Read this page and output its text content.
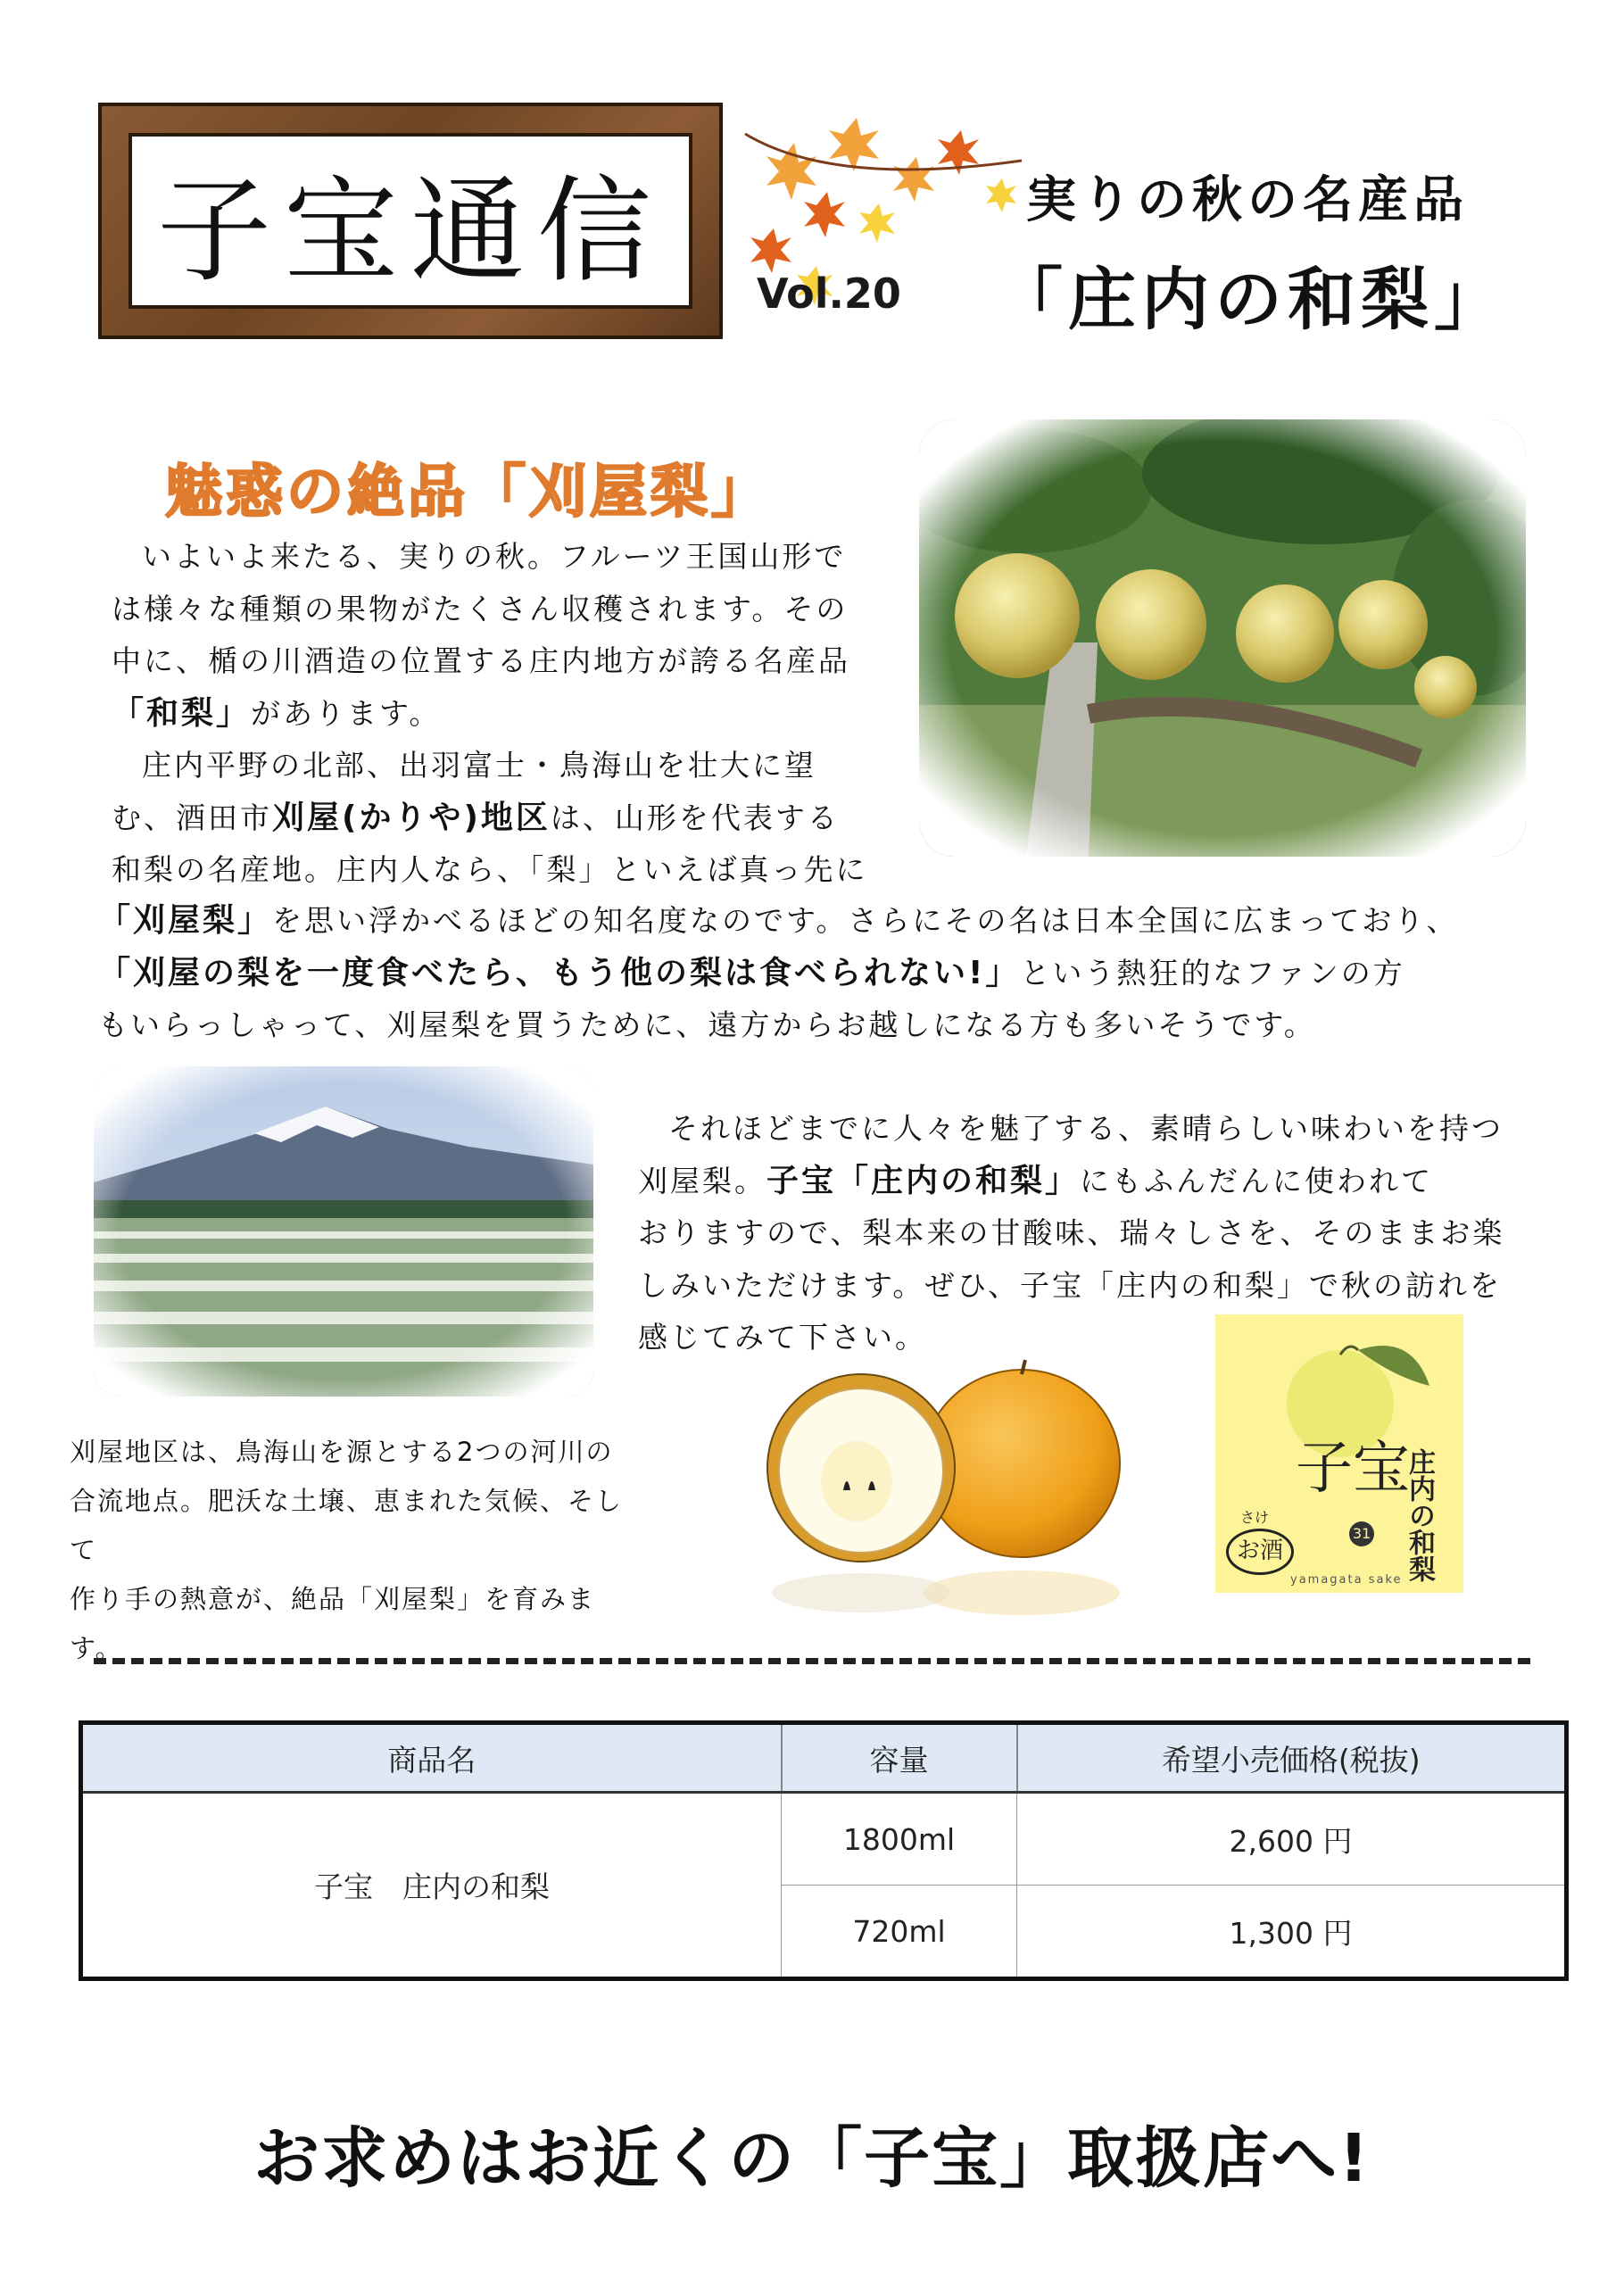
子宝通信 Vol.20
実りの秋の名産品
「庄内の和梨」
魅惑の絶品「刈屋梨」
いよいよ来たる、実りの秋。フルーツ王国山形で
は様々な種類の果物がたくさん収穫されます。その
中に、楯の川酒造の位置する庄内地方が誇る名産品
「和梨」があります。
庄内平野の北部、出羽富士・鳥海山を壮大に望
む、酒田市刈屋(かりや)地区は、山形を代表する
和梨の名産地。庄内人なら、「梨」といえば真っ先に
「刈屋梨」を思い浮かべるほどの知名度なのです。さらにその名は日本全国に広まっており、
「刈屋の梨を一度食べたら、もう他の梨は食べられない!」という熱狂的なファンの方
もいらっしゃって、刈屋梨を買うために、遠方からお越しになる方も多いそうです。
それほどまでに人々を魅了する、素晴らしい味わいを持つ
刈屋梨。子宝「庄内の和梨」にもふんだんに使われて
おりますので、梨本来の甘酸味、瑞々しさを、そのままお楽
しみいただけます。ぜひ、子宝「庄内の和梨」で秋の訪れを
感じてみて下さい。
刈屋地区は、鳥海山を源とする2つの河川の
合流地点。肥沃な土壌、恵まれた気候、そして
作り手の熱意が、絶品「刈屋梨」を育みます。
子宝
お酒
さけ
31 庄内の和梨
yamagata sake
商品名	容量	希望小売価格(税抜)
子宝　庄内の和梨	1800ml	2,600 円
	720ml	1,300 円
お求めはお近くの「子宝」取扱店へ!
